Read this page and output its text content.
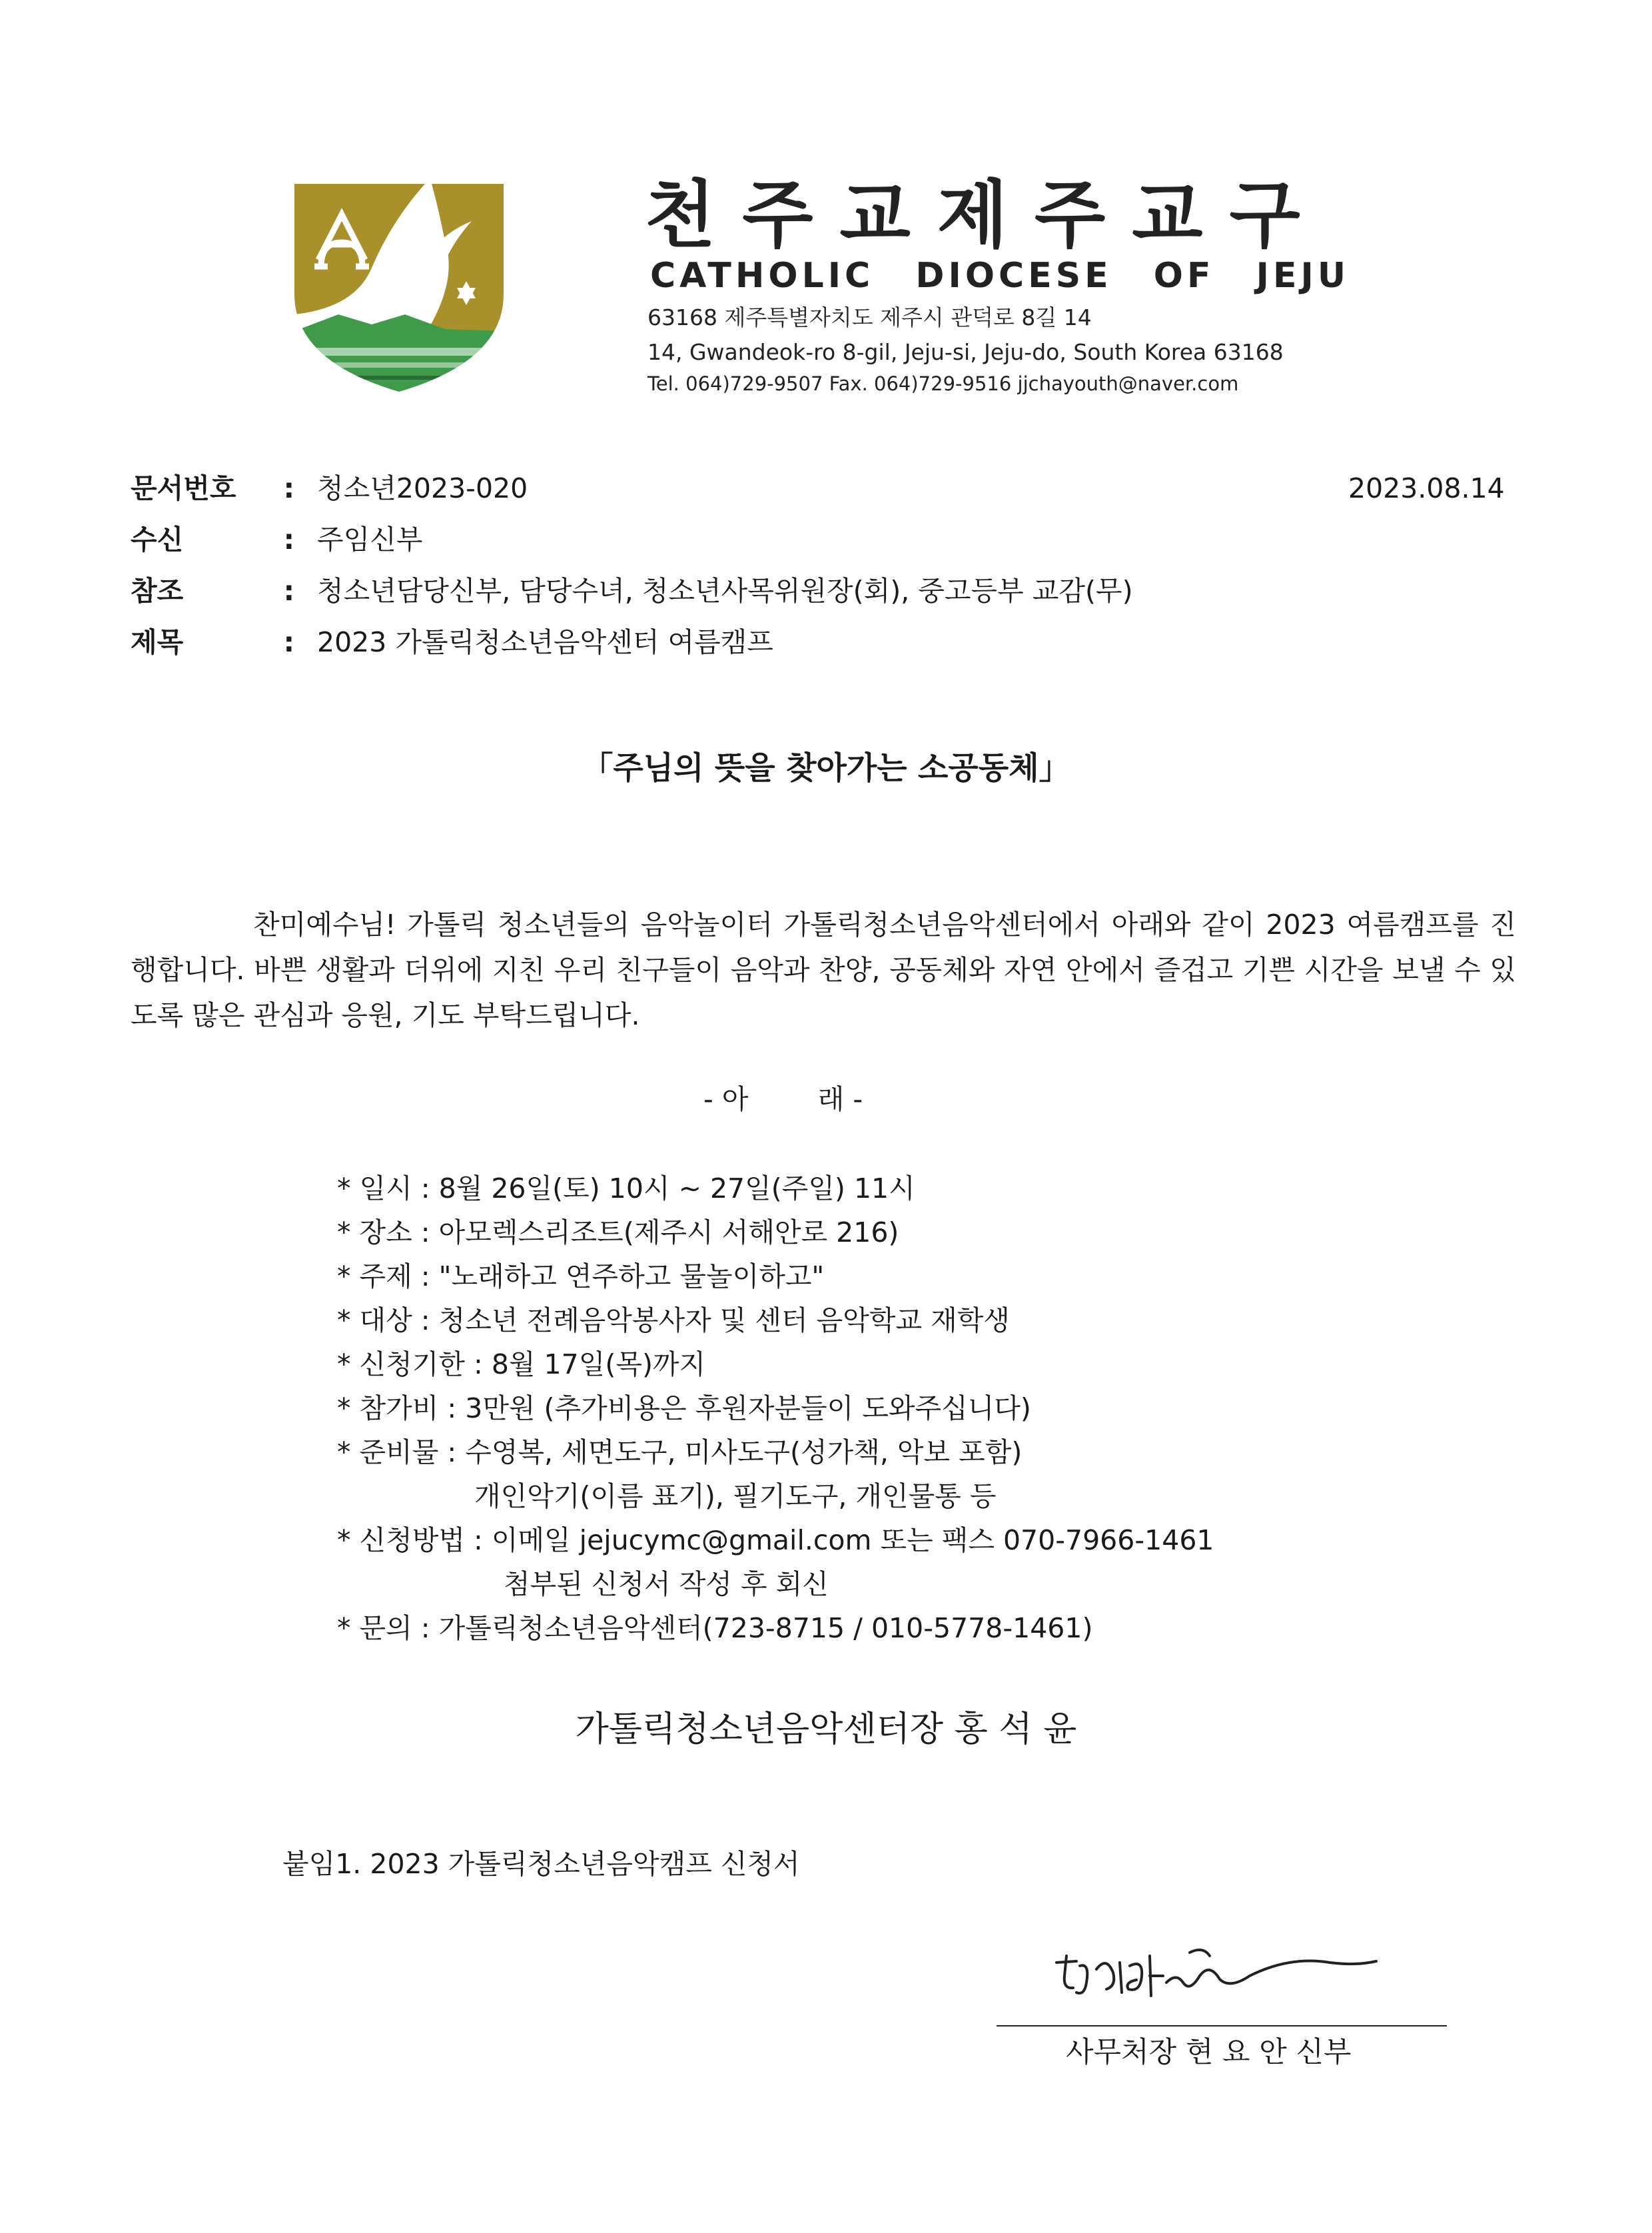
천주교제주교구
CATHOLIC DIOCESE OF JEJU
63168 제주특별자치도 제주시 관덕로 8길 14
14, Gwandeok-ro 8-gil, Jeju-si, Jeju-do, South Korea 63168
Tel. 064)729-9507 Fax. 064)729-9516 jjchayouth@naver.com
문서번호 : 청소년2023-020	2023.08.14
수신	: 주임신부
참조	: 청소년담당신부, 담당수녀, 청소년사목위원장(회), 중고등부 교감(무)
제목	: 2023 가톨릭청소년음악센터 여름캠프
「주님의 뜻을 찾아가는 소공동체」

찬미예수님! 가톨릭 청소년들의 음악놀이터 가톨릭청소년음악센터에서 아래와 같이 2023 여름캠프를 진행합니다. 바쁜 생활과 더위에 지친 우리 친구들이 음악과 찬양, 공동체와 자연 안에서 즐겁고 기쁜 시간을 보낼 수 있도록 많은 관심과 응원, 기도 부탁드립니다.

- 아        래 -
* 일시 : 8월 26일(토) 10시 ~ 27일(주일) 11시
* 장소 : 아모렉스리조트(제주시 서해안로 216)
* 주제 : "노래하고 연주하고 물놀이하고"
* 대상 : 청소년 전례음악봉사자 및 센터 음악학교 재학생
* 신청기한 : 8월 17일(목)까지
* 참가비 : 3만원 (추가비용은 후원자분들이 도와주십니다)
* 준비물 : 수영복, 세면도구, 미사도구(성가책, 악보 포함)
개인악기(이름 표기), 필기도구, 개인물통 등
* 신청방법 : 이메일 jejucymc@gmail.com 또는 팩스 070-7966-1461
첨부된 신청서 작성 후 회신
* 문의 : 가톨릭청소년음악센터(723-8715 / 010-5778-1461)
가톨릭청소년음악센터장 홍 석 윤
붙임1. 2023 가톨릭청소년음악캠프 신청서
사무처장 현 요 안 신부
